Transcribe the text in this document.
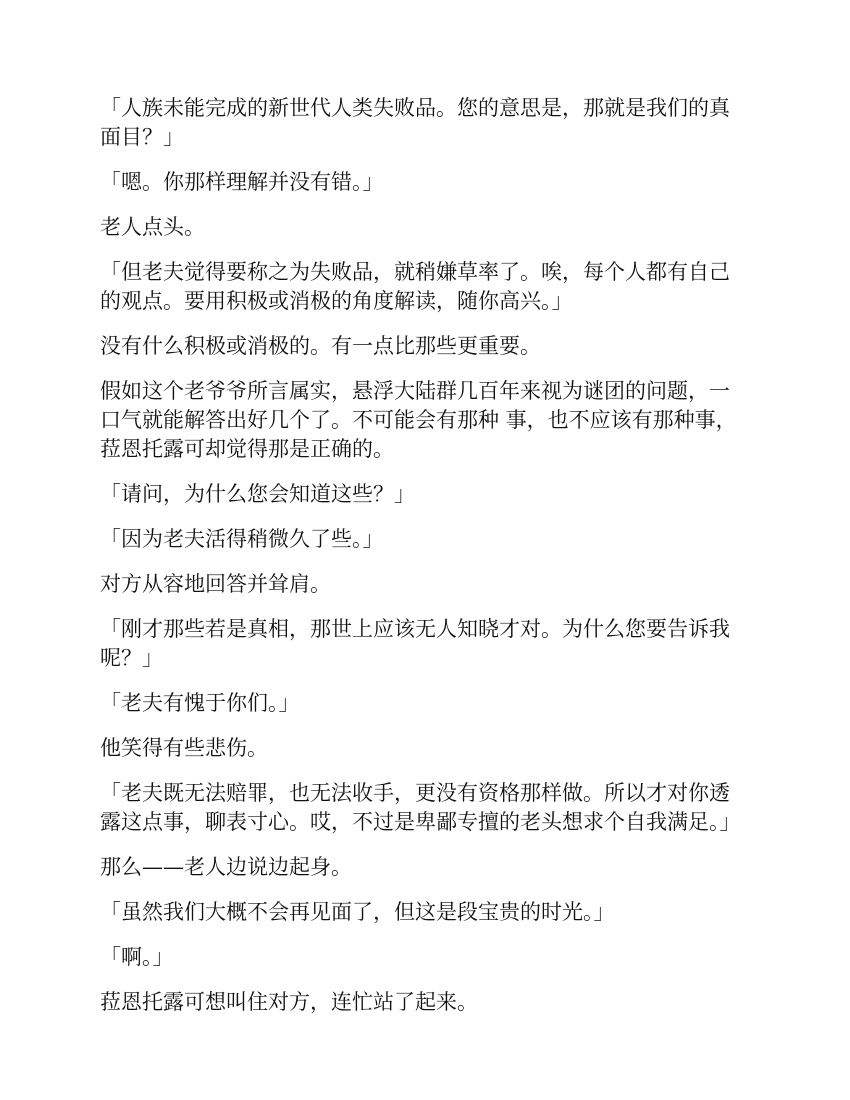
「人族未能完成的新世代人类失败品。您的意思是，那就是我们的真面目？」

「嗯。你那样理解并没有错。」

老人点头。

「但老夫觉得要称之为失败品，就稍嫌草率了。唉，每个人都有自己的观点。要用积极或消极的角度解读，随你高兴。」

没有什么积极或消极的。有一点比那些更重要。

假如这个老爷爷所言属实，悬浮大陆群几百年来视为谜团的问题，一口气就能解答出好几个了。不可能会有那种 事，也不应该有那种事，菈恩托露可却觉得那是正确的。

「请问，为什么您会知道这些？」

「因为老夫活得稍微久了些。」

对方从容地回答并耸肩。

「刚才那些若是真相，那世上应该无人知晓才对。为什么您要告诉我呢？」

「老夫有愧于你们。」

他笑得有些悲伤。

「老夫既无法赔罪，也无法收手，更没有资格那样做。所以才对你透露这点事，聊表寸心。哎，不过是卑鄙专擅的老头想求个自我满足。」

那么——老人边说边起身。

「虽然我们大概不会再见面了，但这是段宝贵的时光。」

「啊。」

菈恩托露可想叫住对方，连忙站了起来。
